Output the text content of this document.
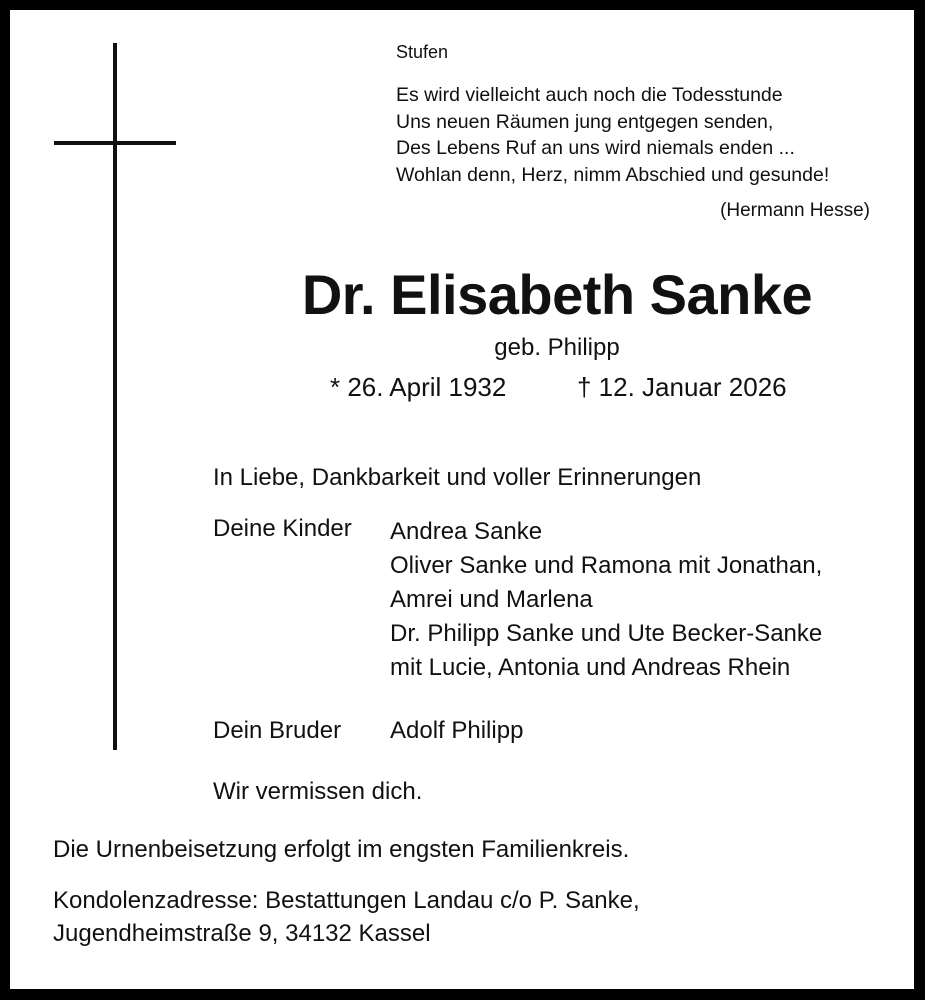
Stufen
Es wird vielleicht auch noch die Todesstunde
Uns neuen Räumen jung entgegen senden,
Des Lebens Ruf an uns wird niemals enden ...
Wohlan denn, Herz, nimm Abschied und gesunde!
(Hermann Hesse)
Dr. Elisabeth Sanke
geb. Philipp
* 26. April 1932	† 12. Januar 2026
In Liebe, Dankbarkeit und voller Erinnerungen
Deine Kinder Andrea Sanke
Oliver Sanke und Ramona mit Jonathan,
Amrei und Marlena
Dr. Philipp Sanke und Ute Becker-Sanke
mit Lucie, Antonia und Andreas Rhein
Dein Bruder Adolf Philipp
Wir vermissen dich.
Die Urnenbeisetzung erfolgt im engsten Familienkreis.
Kondolenzadresse: Bestattungen Landau c/o P. Sanke,
Jugendheimstraße 9, 34132 Kassel
